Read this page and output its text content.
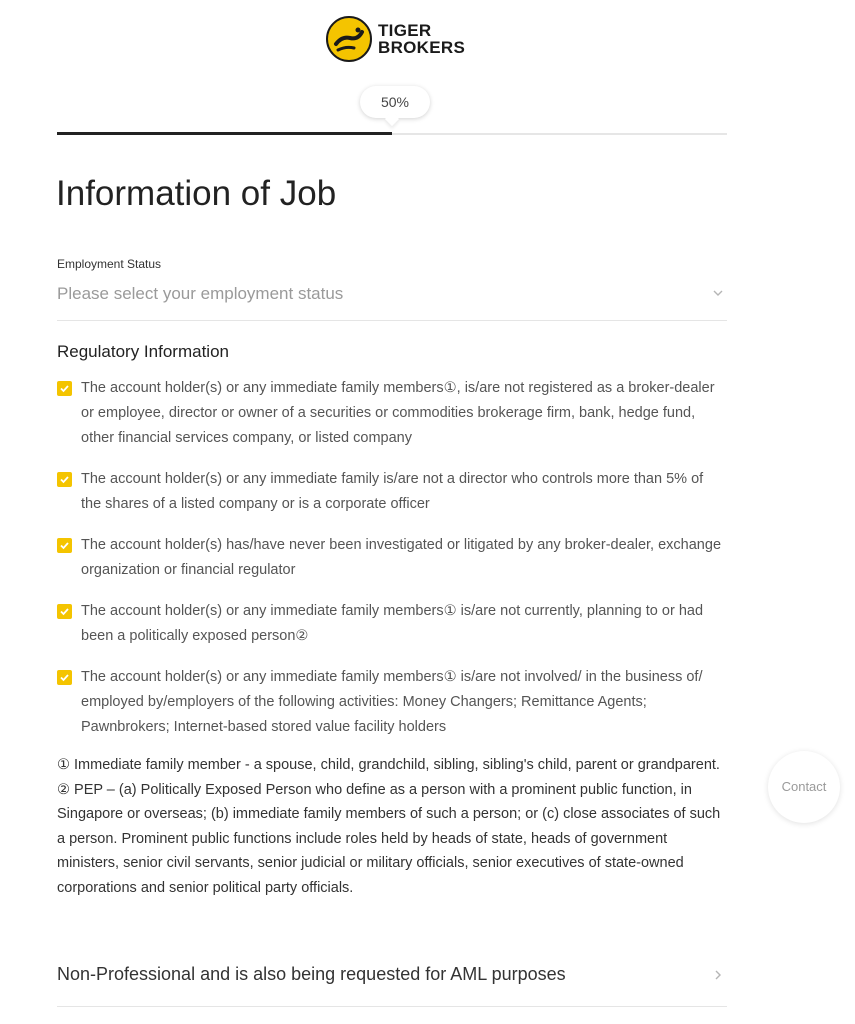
TIGER
BROKERS
50%
Information of Job
Employment Status
Please select your employment status
Regulatory Information
The account holder(s) or any immediate family members①, is/are not registered as a broker-dealer or employee, director or owner of a securities or commodities brokerage firm, bank, hedge fund, other financial services company, or listed company
The account holder(s) or any immediate family is/are not a director who controls more than 5% of the shares of a listed company or is a corporate officer
The account holder(s) has/have never been investigated or litigated by any broker-dealer, exchange organization or financial regulator
The account holder(s) or any immediate family members① is/are not currently, planning to or had been a politically exposed person②
The account holder(s) or any immediate family members① is/are not involved/ in the business of/ employed by/employers of the following activities: Money Changers; Remittance Agents; Pawnbrokers; Internet-based stored value facility holders

① Immediate family member - a spouse, child, grandchild, sibling, sibling's child, parent or grandparent.

② PEP – (a) Politically Exposed Person who define as a person with a prominent public function, in Singapore or overseas; (b) immediate family members of such a person; or (c) close associates of such a person. Prominent public functions include roles held by heads of state, heads of government ministers, senior civil servants, senior judicial or military officials, senior executives of state-owned corporations and senior political party officials.

Non-Professional and is also being requested for AML purposes
Contact
